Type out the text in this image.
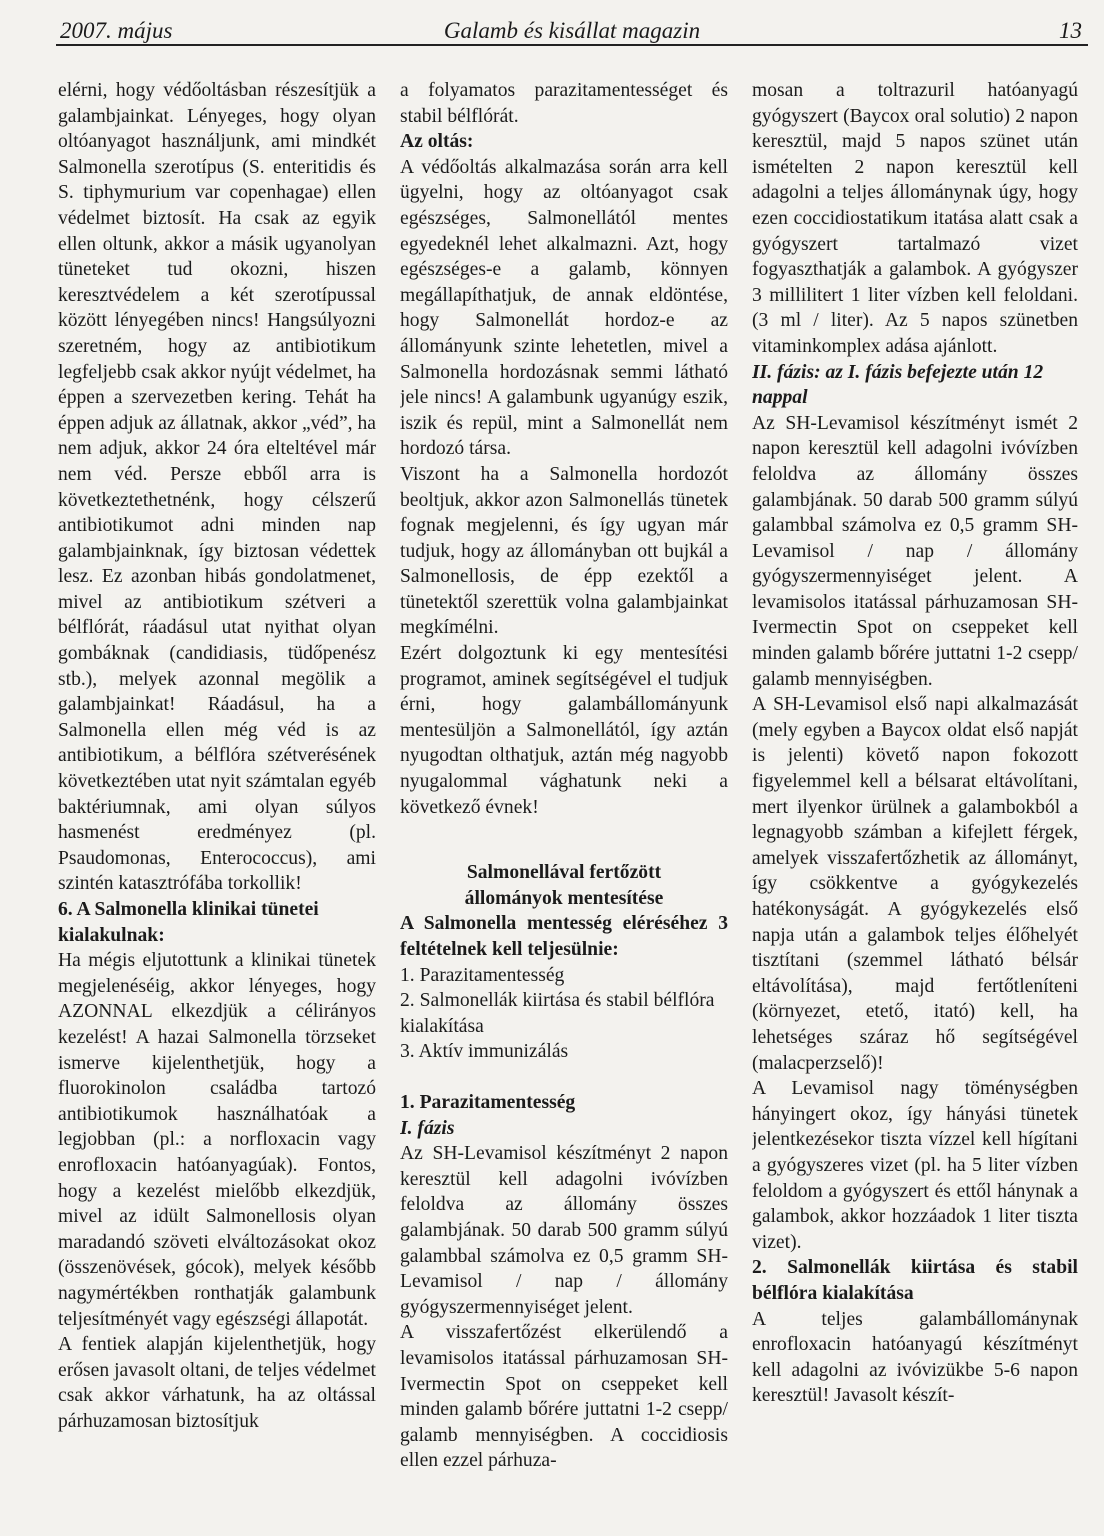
2007. május	Galamb és kisállat magazin	13

elérni, hogy védőoltásban részesítjük a galambjainkat. Lényeges, hogy olyan oltóanyagot használjunk, ami mindkét Salmonella szerotípus (S. enteritidis és S. tiphymurium var copenhagae) ellen védelmet biztosít. Ha csak az egyik ellen oltunk, akkor a másik ugyanolyan tüneteket tud okozni, hiszen keresztvédelem a két szerotípussal között lényegében nincs! Hangsúlyozni szeretném, hogy az antibiotikum legfeljebb csak akkor nyújt védelmet, ha éppen a szervezetben kering. Tehát ha éppen adjuk az állatnak, akkor „véd”, ha nem adjuk, akkor 24 óra elteltével már nem véd. Persze ebből arra is következtethetnénk, hogy célszerű antibiotikumot adni minden nap galambjainknak, így biztosan védettek lesz. Ez azonban hibás gondolatmenet, mivel az antibiotikum szétveri a bélflórát, ráadásul utat nyithat olyan gombáknak (candidiasis, tüdőpenész stb.), melyek azonnal megölik a galambjainkat! Ráadásul, ha a Salmonella ellen még véd is az antibiotikum, a bélflóra szétverésének következtében utat nyit számtalan egyéb baktériumnak, ami olyan súlyos hasmenést eredményez (pl. Psaudomonas, Enterococcus), ami szintén katasztrófába torkollik!

6. A Salmonella klinikai tünetei kialakulnak:

Ha mégis eljutottunk a klinikai tünetek megjelenéséig, akkor lényeges, hogy AZONNAL elkezdjük a célirányos kezelést! A hazai Salmonella törzseket ismerve kijelenthetjük, hogy a fluorokinolon családba tartozó antibiotikumok használhatóak a legjobban (pl.: a norfloxacin vagy enrofloxacin hatóanyagúak). Fontos, hogy a kezelést mielőbb elkezdjük, mivel az idült Salmonellosis olyan maradandó szöveti elváltozásokat okoz (összenövések, gócok), melyek később nagymértékben ronthatják galambunk teljesítményét vagy egészségi állapotát.

A fentiek alapján kijelenthetjük, hogy erősen javasolt oltani, de teljes védelmet csak akkor várhatunk, ha az oltással párhuzamosan biztosítjuk

a folyamatos parazitamentességet és stabil bélflórát.

Az oltás:

A védőoltás alkalmazása során arra kell ügyelni, hogy az oltóanyagot csak egészséges, Salmonellától mentes egyedeknél lehet alkalmazni. Azt, hogy egészséges-e a galamb, könnyen megállapíthatjuk, de annak eldöntése, hogy Salmonellát hordoz-e az állományunk szinte lehetetlen, mivel a Salmonella hordozásnak semmi látható jele nincs! A galambunk ugyanúgy eszik, iszik és repül, mint a Salmonellát nem hordozó társa.

Viszont ha a Salmonella hordozót beoltjuk, akkor azon Salmonellás tünetek fognak megjelenni, és így ugyan már tudjuk, hogy az állományban ott bujkál a Salmonellosis, de épp ezektől a tünetektől szerettük volna galambjainkat megkímélni.

Ezért dolgoztunk ki egy mentesítési programot, aminek segítségével el tudjuk érni, hogy galambállományunk mentesüljön a Salmonellától, így aztán nyugodtan olthatjuk, aztán még nagyobb nyugalommal vághatunk neki a következő évnek!

Salmonellával fertőzött

állományok mentesítése

A Salmonella mentesség eléréséhez 3 feltételnek kell teljesülnie:

1. Parazitamentesség

2. Salmonellák kiirtása és stabil bélflóra kialakítása

3. Aktív immunizálás

1. Parazitamentesség

I. fázis

Az SH-Levamisol készítményt 2 napon keresztül kell adagolni ivóvízben feloldva az állomány összes galambjának. 50 darab 500 gramm súlyú galambbal számolva ez 0,5 gramm SH-Levamisol / nap / állomány gyógyszermennyiséget jelent.

A visszafertőzést elkerülendő a levamisolos itatással párhuzamosan SH-Ivermectin Spot on cseppeket kell minden galamb bőrére juttatni 1-2 csepp/ galamb mennyiségben. A coccidiosis ellen ezzel párhuza-

mosan a toltrazuril hatóanyagú gyógyszert (Baycox oral solutio) 2 napon keresztül, majd 5 napos szünet után ismételten 2 napon keresztül kell adagolni a teljes állománynak úgy, hogy ezen coccidiostatikum itatása alatt csak a gyógyszert tartalmazó vizet fogyaszthatják a galambok. A gyógyszer 3 millilitert 1 liter vízben kell feloldani. (3 ml / liter). Az 5 napos szünetben vitaminkomplex adása ajánlott.

II. fázis: az I. fázis befejezte után 12 nappal

Az SH-Levamisol készítményt ismét 2 napon keresztül kell adagolni ivóvízben feloldva az állomány összes galambjának. 50 darab 500 gramm súlyú galambbal számolva ez 0,5 gramm SH-Levamisol / nap / állomány gyógyszermennyiséget jelent. A levamisolos itatással párhuzamosan SH-Ivermectin Spot on cseppeket kell minden galamb bőrére juttatni 1-2 csepp/ galamb mennyiségben.

A SH-Levamisol első napi alkalmazását (mely egyben a Baycox oldat első napját is jelenti) követő napon fokozott figyelemmel kell a bélsarat eltávolítani, mert ilyenkor ürülnek a galambokból a legnagyobb számban a kifejlett férgek, amelyek visszafertőzhetik az állományt, így csökkentve a gyógykezelés hatékonyságát. A gyógykezelés első napja után a galambok teljes élőhelyét tisztítani (szemmel látható bélsár eltávolítása), majd fertőtleníteni (környezet, etető, itató) kell, ha lehetséges száraz hő segítségével (malacperzselő)!

A Levamisol nagy töménységben hányingert okoz, így hányási tünetek jelentkezésekor tiszta vízzel kell hígítani a gyógyszeres vizet (pl. ha 5 liter vízben feloldom a gyógyszert és ettől hánynak a galambok, akkor hozzáadok 1 liter tiszta vizet).

2. Salmonellák kiirtása és stabil bélflóra kialakítása

A teljes galambállománynak enrofloxacin hatóanyagú készítményt kell adagolni az ivóvizükbe 5-6 napon keresztül! Javasolt készít-
